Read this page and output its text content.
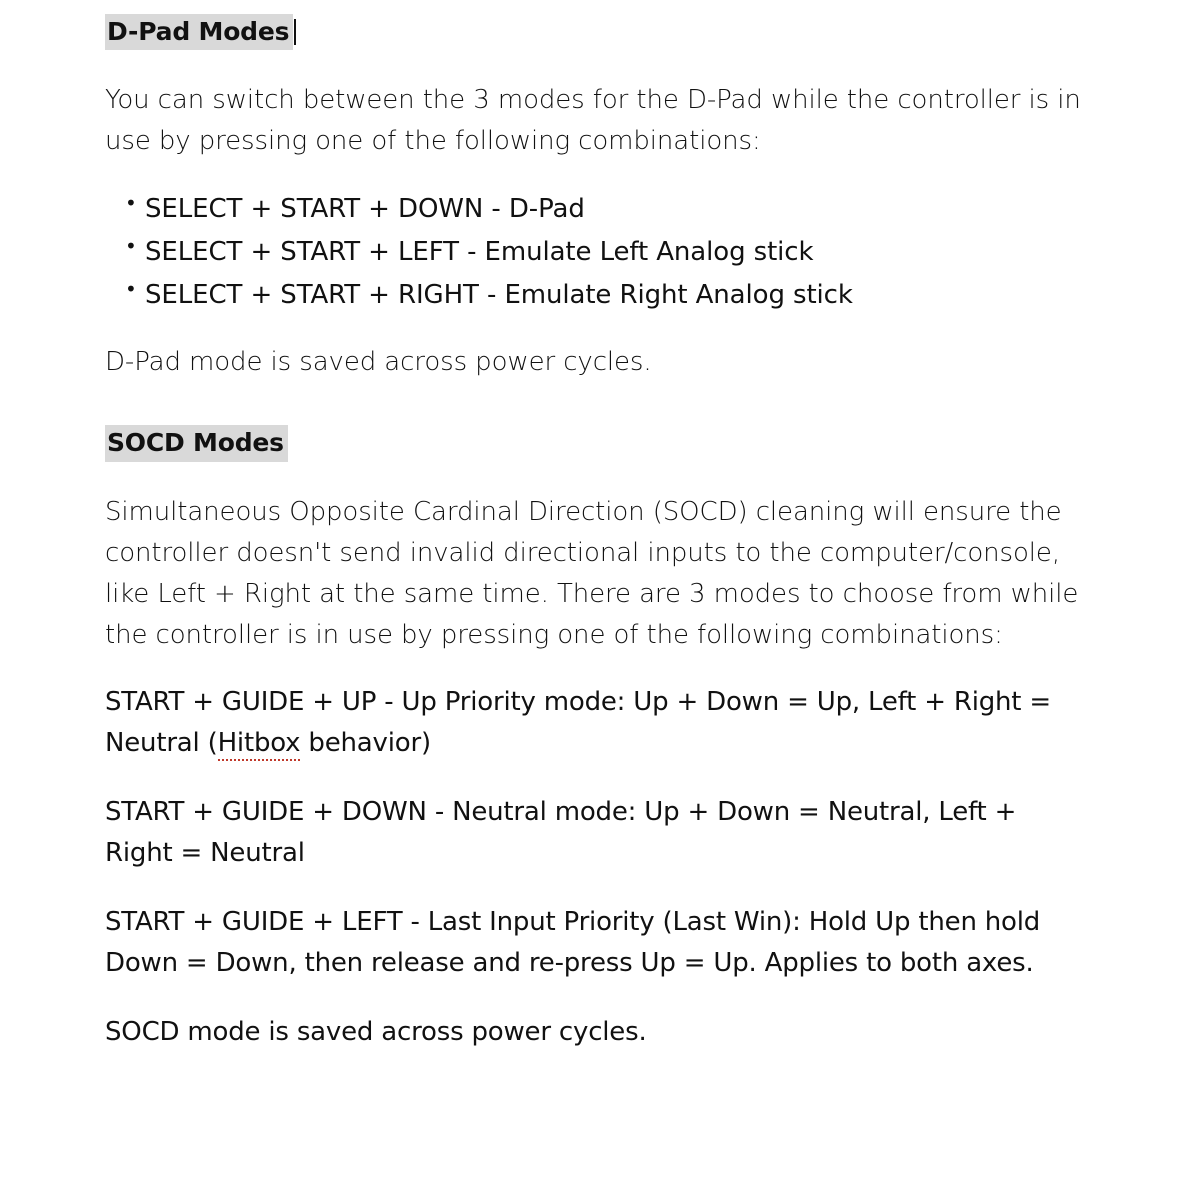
D-Pad Modes

You can switch between the 3 modes for the D-Pad while the controller is in use by pressing one of the following combinations:

• SELECT + START + DOWN - D-Pad
• SELECT + START + LEFT - Emulate Left Analog stick
• SELECT + START + RIGHT - Emulate Right Analog stick

D-Pad mode is saved across power cycles.

SOCD Modes

Simultaneous Opposite Cardinal Direction (SOCD) cleaning will ensure the controller doesn't send invalid directional inputs to the computer/console, like Left + Right at the same time. There are 3 modes to choose from while the controller is in use by pressing one of the following combinations:

START + GUIDE + UP - Up Priority mode: Up + Down = Up, Left + Right = Neutral (Hitbox behavior)

START + GUIDE + DOWN - Neutral mode: Up + Down = Neutral, Left + Right = Neutral

START + GUIDE + LEFT - Last Input Priority (Last Win): Hold Up then hold Down = Down, then release and re-press Up = Up. Applies to both axes.

SOCD mode is saved across power cycles.
